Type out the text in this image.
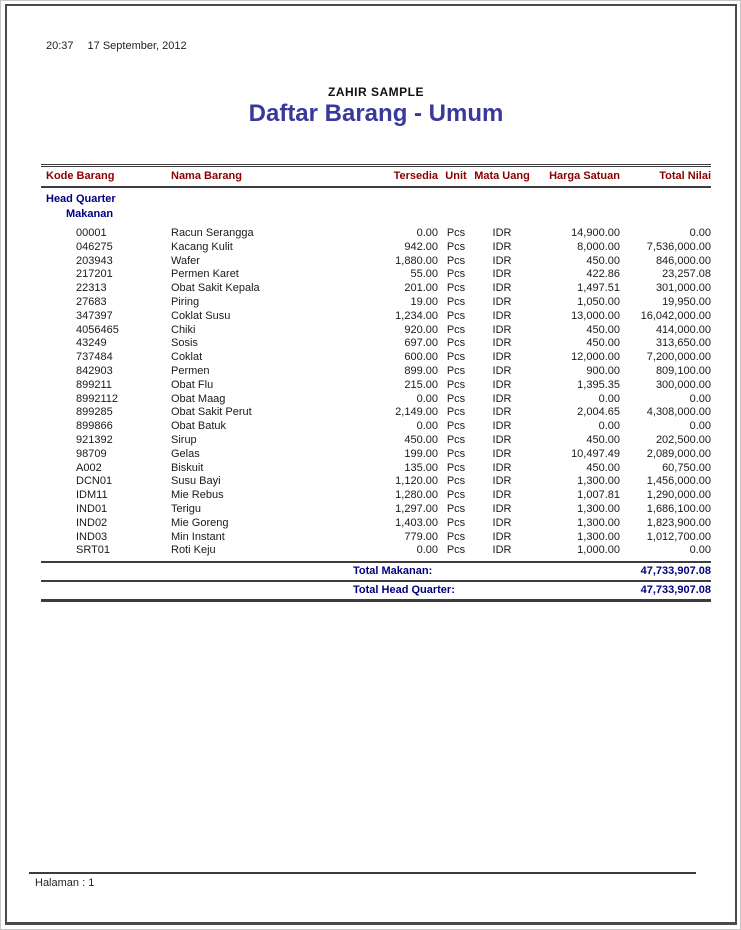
20:37 17 September, 2012
ZAHIR SAMPLE
Daftar Barang - Umum
Kode Barang	Nama Barang	Tersedia Unit Mata Uang	Harga Satuan	Total Nilai
Head Quarter
Makanan
00001	Racun Serangga	0.00 Pcs	IDR	14,900.00	0.00
046275	Kacang Kulit	942.00 Pcs	IDR	8,000.00	7,536,000.00
203943	Wafer	1,880.00 Pcs	IDR	450.00	846,000.00
217201	Permen Karet	55.00 Pcs	IDR	422.86	23,257.08
22313	Obat Sakit Kepala	201.00 Pcs	IDR	1,497.51	301,000.00
27683	Piring	19.00 Pcs	IDR	1,050.00	19,950.00
347397	Coklat Susu	1,234.00 Pcs	IDR	13,000.00	16,042,000.00
4056465	Chiki	920.00 Pcs	IDR	450.00	414,000.00
43249	Sosis	697.00 Pcs	IDR	450.00	313,650.00
737484	Coklat	600.00 Pcs	IDR	12,000.00	7,200,000.00
842903	Permen	899.00 Pcs	IDR	900.00	809,100.00
899211	Obat Flu	215.00 Pcs	IDR	1,395.35	300,000.00
8992112	Obat Maag	0.00 Pcs	IDR	0.00	0.00
899285	Obat Sakit Perut	2,149.00 Pcs	IDR	2,004.65	4,308,000.00
899866	Obat Batuk	0.00 Pcs	IDR	0.00	0.00
921392	Sirup	450.00 Pcs	IDR	450.00	202,500.00
98709	Gelas	199.00 Pcs	IDR	10,497.49	2,089,000.00
A002	Biskuit	135.00 Pcs	IDR	450.00	60,750.00
DCN01	Susu Bayi	1,120.00 Pcs	IDR	1,300.00	1,456,000.00
IDM11	Mie Rebus	1,280.00 Pcs	IDR	1,007.81	1,290,000.00
IND01	Terigu	1,297.00 Pcs	IDR	1,300.00	1,686,100.00
IND02	Mie Goreng	1,403.00 Pcs	IDR	1,300.00	1,823,900.00
IND03	Min Instant	779.00 Pcs	IDR	1,300.00	1,012,700.00
SRT01	Roti Keju	0.00 Pcs	IDR	1,000.00	0.00
Total Makanan:	47,733,907.08
Total Head Quarter:	47,733,907.08
Halaman : 1
